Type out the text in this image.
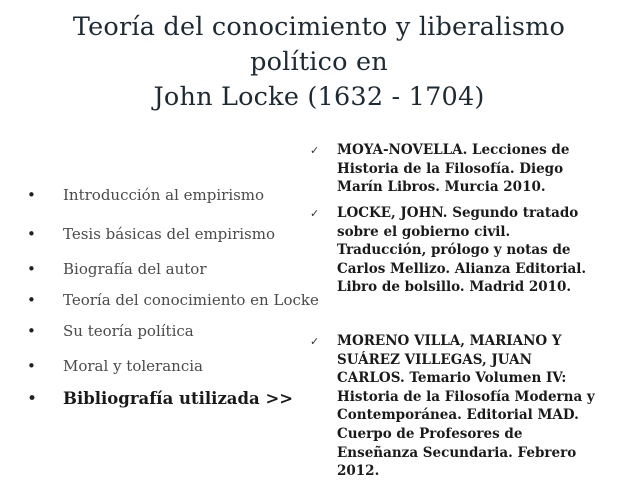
Teoría del conocimiento y liberalismo
político en
John Locke (1632 - 1704)
• Introducción al empirismo
• Tesis básicas del empirismo
• Biografía del autor
• Teoría del conocimiento en Locke
• Su teoría política
• Moral y tolerancia
• Bibliografía utilizada >>
✓ MOYA-NOVELLA. Lecciones de Historia de la Filosofía. Diego Marín Libros. Murcia 2010.
✓ LOCKE, JOHN. Segundo tratado sobre el gobierno civil. Traducción, prólogo y notas de Carlos Mellizo. Alianza Editorial. Libro de bolsillo. Madrid 2010.
✓ MORENO VILLA, MARIANO Y SUÁREZ VILLEGAS, JUAN CARLOS. Temario Volumen IV: Historia de la Filosofía Moderna y Contemporánea. Editorial MAD. Cuerpo de Profesores de Enseñanza Secundaria. Febrero 2012.
